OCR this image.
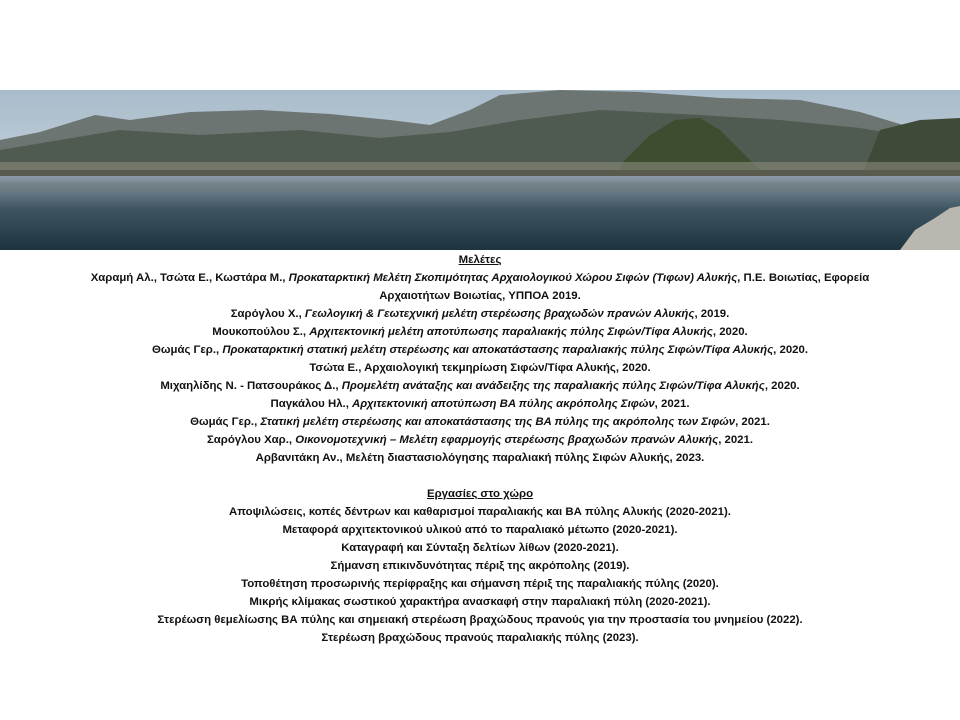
Μελέτες

Χαραμή Αλ., Τσώτα Ε., Κωστάρα Μ., Προκαταρκτική Μελέτη Σκοπιμότητας Αρχαιολογικού Χώρου Σιφών (Τιφων) Αλυκής, Π.Ε. Βοιωτίας, Εφορεία Αρχαιοτήτων Βοιωτίας, ΥΠΠΟΑ 2019.

Σαρόγλου Χ., Γεωλογική & Γεωτεχνική μελέτη στερέωσης βραχωδών πρανών Αλυκής, 2019.

Μουκοπούλου Σ., Αρχιτεκτονική μελέτη αποτύπωσης παραλιακής πύλης Σιφών/Τίφα Αλυκής, 2020.

Θωμάς Γερ., Προκαταρκτική στατική μελέτη στερέωσης και αποκατάστασης παραλιακής πύλης Σιφών/Τίφα Αλυκής, 2020.

Τσώτα Ε., Αρχαιολογική τεκμηρίωση Σιφών/Τίφα Αλυκής, 2020.

Μιχαηλίδης Ν. - Πατσουράκος Δ., Προμελέτη ανάταξης και ανάδειξης της παραλιακής πύλης Σιφών/Τίφα Αλυκής, 2020.

Παγκάλου Ηλ., Αρχιτεκτονική αποτύπωση ΒΑ πύλης ακρόπολης Σιφών, 2021.

Θωμάς Γερ., Στατική μελέτη στερέωσης και αποκατάστασης της ΒΑ πύλης της ακρόπολης των Σιφών, 2021.

Σαρόγλου Χαρ., Οικονομοτεχνική – Μελέτη εφαρμογής στερέωσης βραχωδών πρανών Αλυκής, 2021.

Αρβανιτάκη Αν., Μελέτη διαστασιολόγησης παραλιακή πύλης Σιφών Αλυκής, 2023.

Εργασίες στο χώρο

Αποψιλώσεις, κοπές δέντρων και καθαρισμοί παραλιακής και ΒΑ πύλης Αλυκής (2020-2021).

Μεταφορά αρχιτεκτονικού υλικού από το παραλιακό μέτωπο (2020-2021).

Καταγραφή και Σύνταξη δελτίων λίθων (2020-2021).

Σήμανση επικινδυνότητας πέριξ της ακρόπολης (2019).

Τοποθέτηση προσωρινής περίφραξης και σήμανση πέριξ της παραλιακής πύλης (2020).

Μικρής κλίμακας σωστικού χαρακτήρα ανασκαφή στην παραλιακή πύλη (2020-2021).

Στερέωση θεμελίωσης ΒΑ πύλης και σημειακή στερέωση βραχώδους πρανούς για την προστασία του μνημείου (2022).

Στερέωση βραχώδους πρανούς παραλιακής πύλης (2023).
